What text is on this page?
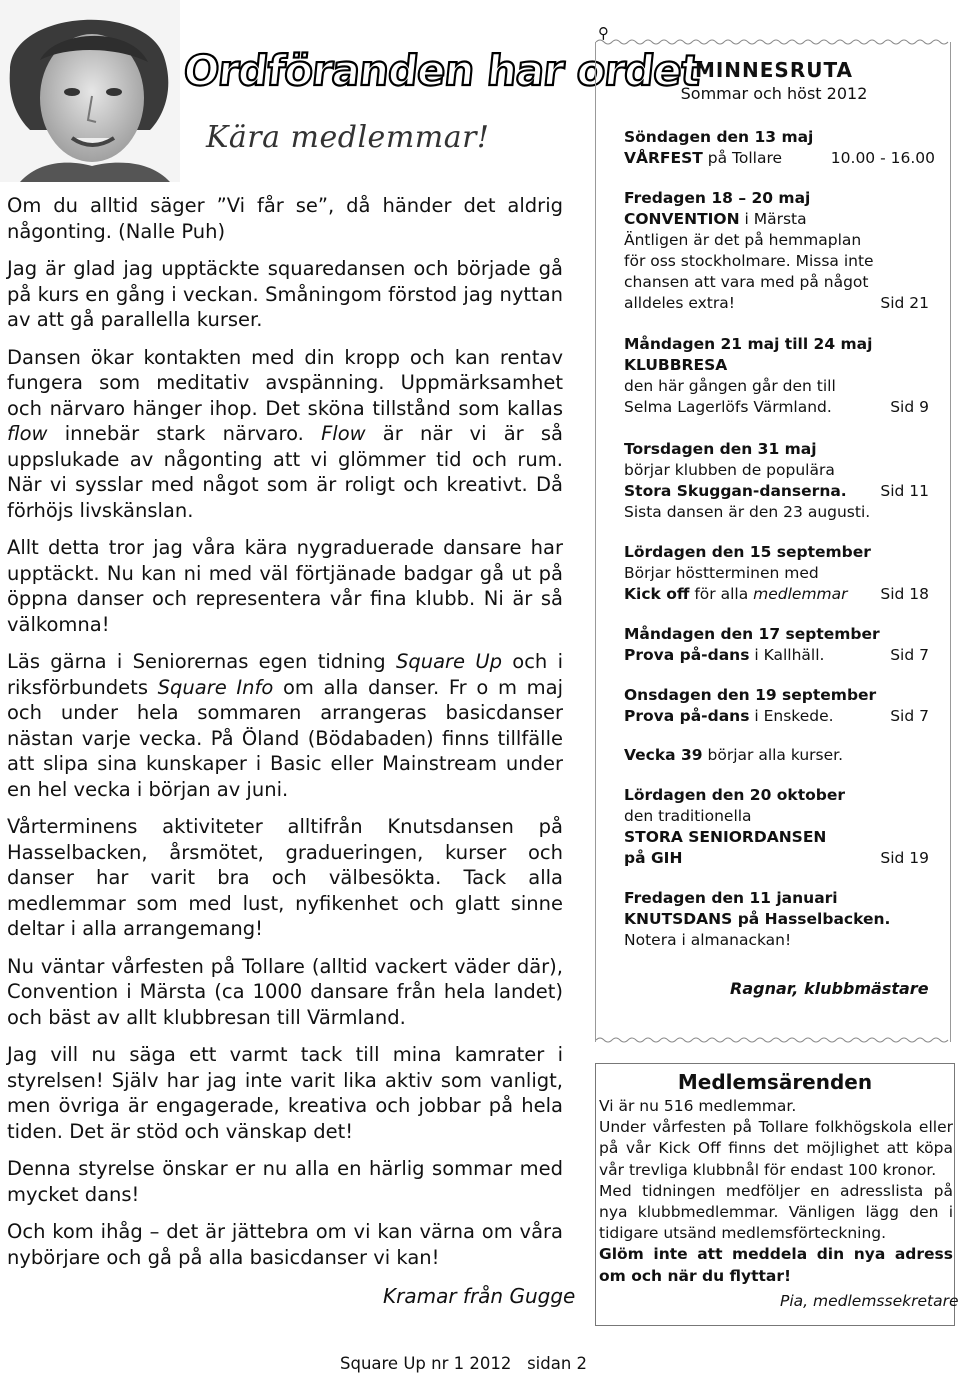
Ordföranden har ordet
Kära medlemmar!

Om du alltid säger ”Vi får se”, då händer det aldrig någonting. (Nalle Puh)

Jag är glad jag upptäckte squaredansen och började gå på kurs en gång i veckan. Småningom förstod jag nyttan av att gå parallella kurser.

Dansen ökar kontakten med din kropp och kan rentav fungera som meditativ avspänning. Uppmärksamhet och närvaro hänger ihop. Det sköna tillstånd som kallas flow innebär stark närvaro. Flow är när vi är så uppslukade av någonting att vi glömmer tid och rum. När vi sysslar med något som är roligt och kreativt. Då förhöjs livskänslan.

Allt detta tror jag våra kära nygraduerade dansare har upptäckt. Nu kan ni med väl förtjänade badgar gå ut på öppna danser och representera vår fina klubb. Ni är så välkomna!

Läs gärna i Seniorernas egen tidning Square Up och i riksförbundets Square Info om alla danser. Fr o m maj och under hela sommaren arrangeras basicdanser nästan varje vecka. På Öland (Bödabaden) finns tillfälle att slipa sina kunskaper i Basic eller Mainstream under en hel vecka i början av juni.

Vårterminens aktiviteter alltifrån Knutsdansen på Hasselbacken, årsmötet, gradueringen, kurser och danser har varit bra och välbesökta. Tack alla medlemmar som med lust, nyfikenhet och glatt sinne deltar i alla arrangemang!

Nu väntar vårfesten på Tollare (alltid vackert väder där), Convention i Märsta (ca 1000 dansare från hela landet) och bäst av allt klubbresan till Värmland.

Jag vill nu säga ett varmt tack till mina kamrater i styrelsen! Själv har jag inte varit lika aktiv som vanligt, men övriga är engagerade, kreativa och jobbar på hela tiden. Det är stöd och vänskap det!

Denna styrelse önskar er nu alla en härlig sommar med mycket dans!

Och kom ihåg – det är jättebra om vi kan värna om våra nybörjare och gå på alla basicdanser vi kan!

Kramar från Gugge
Square Up nr 1 2012   sidan 2
⚲
MINNESRUTA
Sommar och höst 2012
Söndagen den 13 maj
VÅRFEST på Tollare	10.00 - 16.00
Fredagen 18 – 20 maj
CONVENTION i Märsta
Äntligen är det på hemmaplan
för oss stockholmare. Missa inte
chansen att vara med på något
alldeles extra!	Sid 21
Måndagen 21 maj till 24 maj
KLUBBRESA
den här gången går den till
Selma Lagerlöfs Värmland.	Sid 9
Torsdagen den 31 maj
börjar klubben de populära
Stora Skuggan-danserna. Sid 11
Sista dansen är den 23 augusti.
Lördagen den 15 september
Börjar höstterminen med
Kick off för alla medlemmar Sid 18
Måndagen den 17 september
Prova på-dans i Kallhäll.	Sid 7
Onsdagen den 19 september
Prova på-dans i Enskede.	Sid 7
Vecka 39 börjar alla kurser.
Lördagen den 20 oktober
den traditionella
STORA SENIORDANSEN
på GIH	Sid 19
Fredagen den 11 januari
KNUTSDANS på Hasselbacken.
Notera i almanackan!
Ragnar, klubbmästare
Medlemsärenden

Vi är nu 516 medlemmar.

Under vårfesten på Tollare folkhögskola eller på vår Kick Off finns det möjlighet att köpa vår trevliga klubbnål för endast 100 kronor.

Med tidningen medföljer en adresslista på nya klubbmedlemmar. Vänligen lägg den i tidigare utsänd medlemsförteckning.

Glöm inte att meddela din nya adress om och när du flyttar!

Pia, medlemssekretare
